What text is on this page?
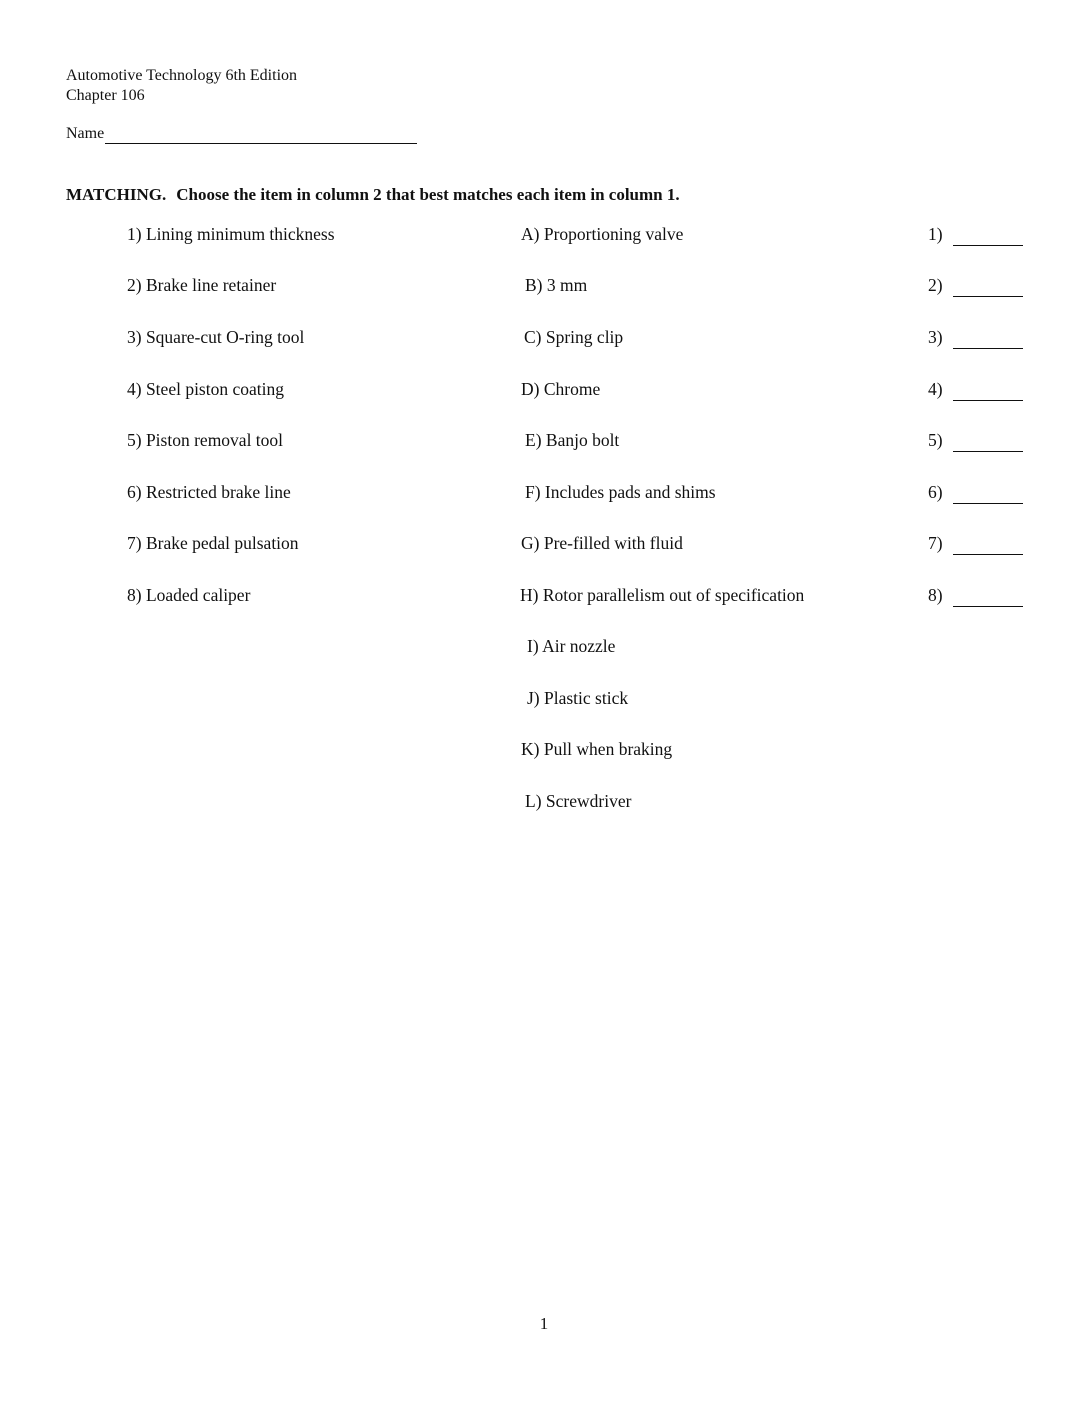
Automotive Technology 6th Edition
Chapter 106
Name
MATCHING. Choose the item in column 2 that best matches each item in column 1.
1) Lining minimum thickness
2) Brake line retainer
3) Square-cut O-ring tool
4) Steel piston coating
5) Piston removal tool
6) Restricted brake line
7) Brake pedal pulsation
8) Loaded caliper
A) Proportioning valve
B) 3 mm
C) Spring clip
D) Chrome
E) Banjo bolt
F) Includes pads and shims
G) Pre-filled with fluid
H) Rotor parallelism out of specification
I) Air nozzle
J) Plastic stick
K) Pull when braking
L) Screwdriver
1)
2)
3)
4)
5)
6)
7)
8)
1
